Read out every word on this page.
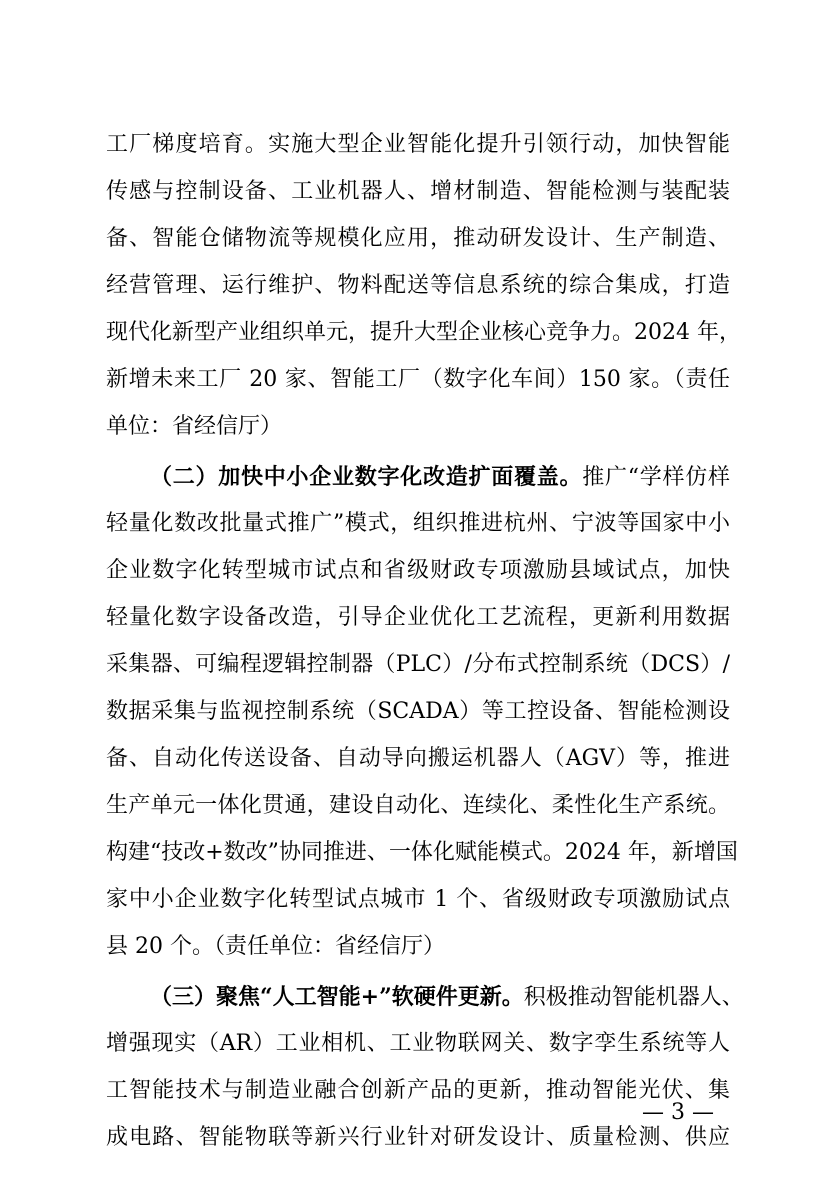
工厂梯度培育。实施大型企业智能化提升引领行动，加快智能
传感与控制设备、工业机器人、增材制造、智能检测与装配装
备、智能仓储物流等规模化应用，推动研发设计、生产制造、
经营管理、运行维护、物料配送等信息系统的综合集成，打造
现代化新型产业组织单元，提升大型企业核心竞争力。2024 年，
新增未来工厂 20 家、智能工厂（数字化车间）150 家。（责任
单位：省经信厅）
（二）加快中小企业数字化改造扩面覆盖。推广“学样仿样
轻量化数改批量式推广”模式，组织推进杭州、宁波等国家中小
企业数字化转型城市试点和省级财政专项激励县域试点，加快
轻量化数字设备改造，引导企业优化工艺流程，更新利用数据
采集器、可编程逻辑控制器（PLC）/分布式控制系统（DCS）/
数据采集与监视控制系统（SCADA）等工控设备、智能检测设
备、自动化传送设备、自动导向搬运机器人（AGV）等，推进
生产单元一体化贯通，建设自动化、连续化、柔性化生产系统。
构建“技改+数改”协同推进、一体化赋能模式。2024 年，新增国
家中小企业数字化转型试点城市 1 个、省级财政专项激励试点
县 20 个。（责任单位：省经信厅）
（三）聚焦“人工智能+”软硬件更新。积极推动智能机器人、
增强现实（AR）工业相机、工业物联网关、数字孪生系统等人
工智能技术与制造业融合创新产品的更新，推动智能光伏、集
成电路、智能物联等新兴行业针对研发设计、质量检测、供应
— 3 —
